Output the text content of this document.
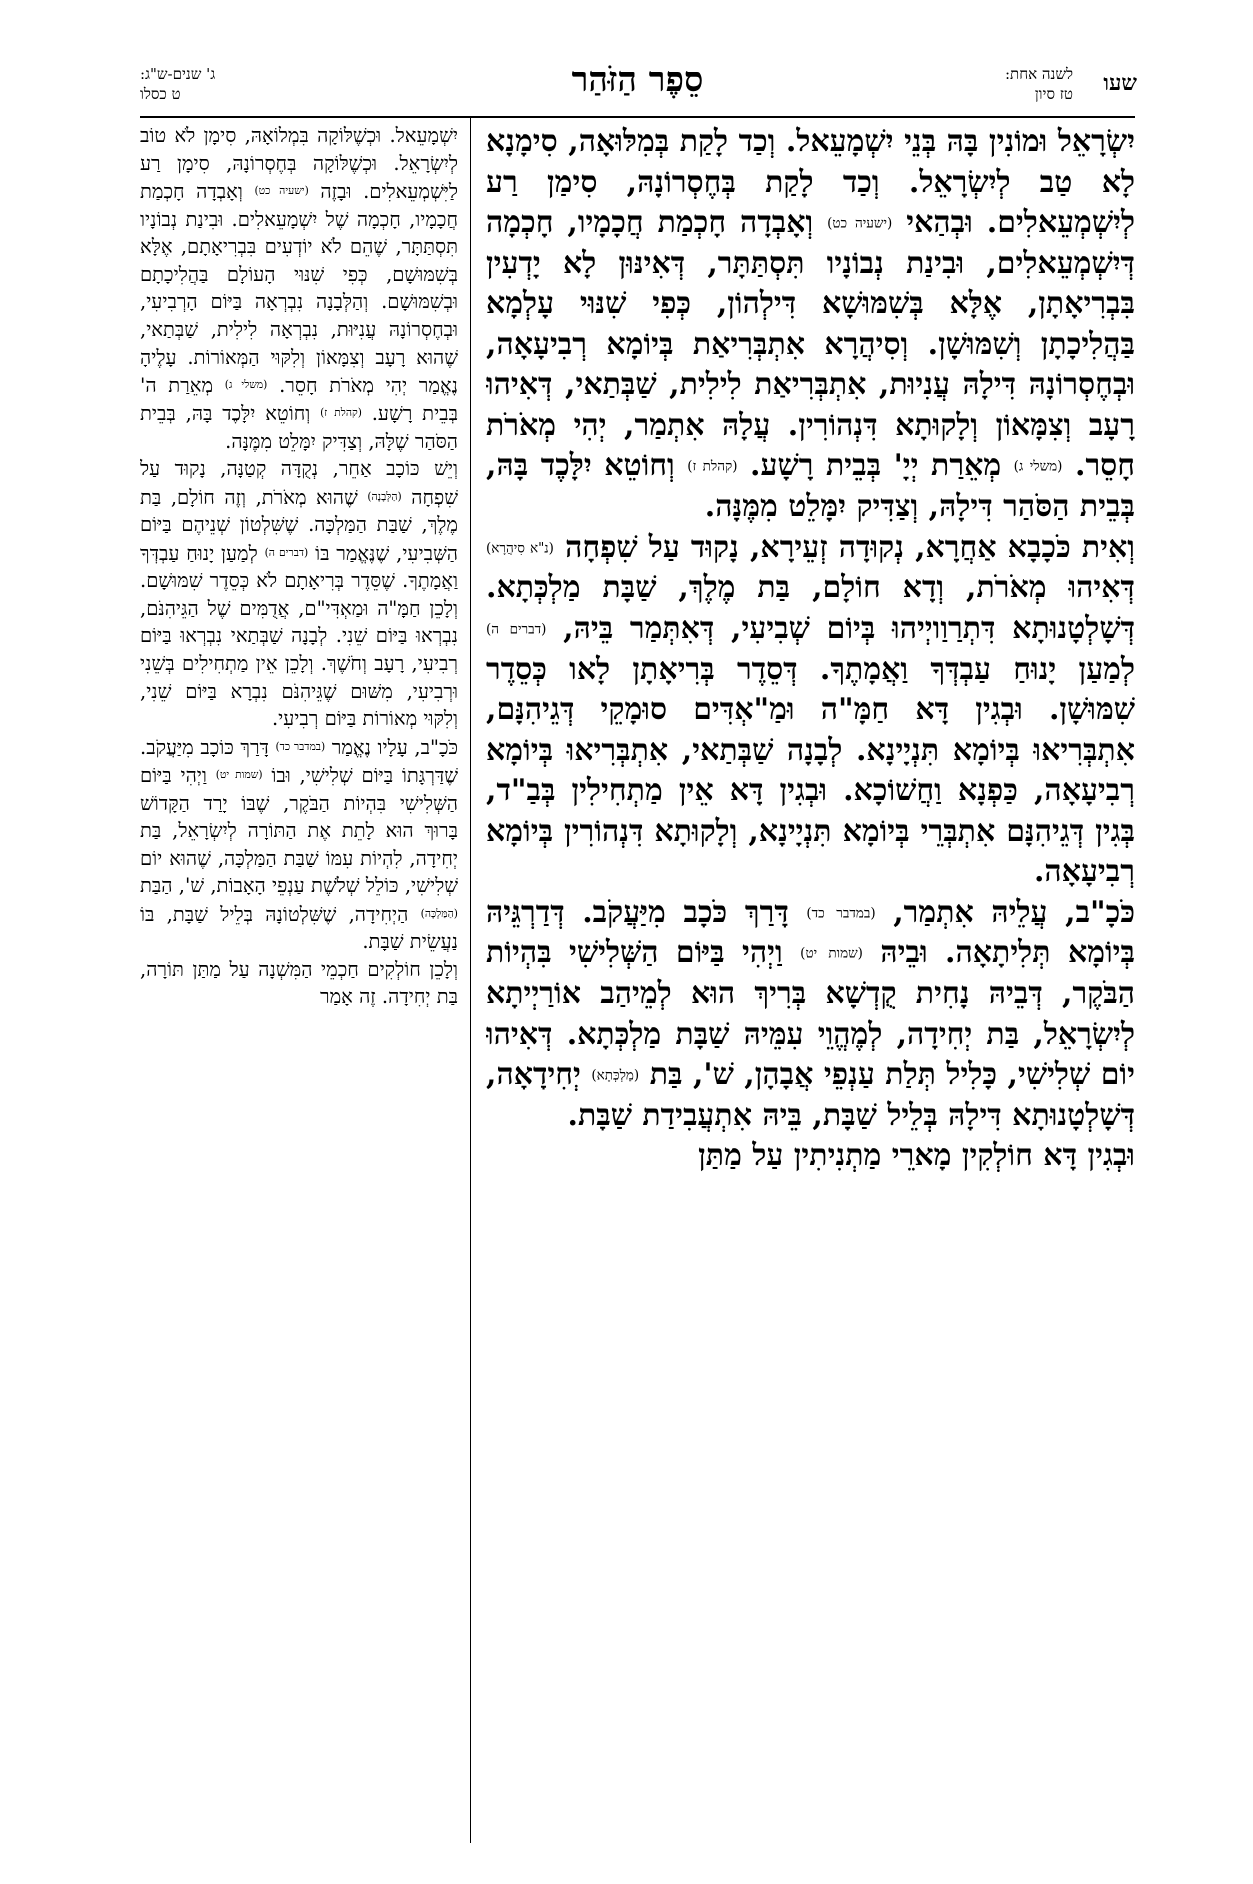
שעו
לשנה אחת:
טז סיון
סֵפֶר הַזֹּהַר
ג' שנים-ש"ג:
ט כסלו

יִשְׂרָאֵל וּמוֹנִין בָּהּ בְּנֵי יִשְׁמָעֵאל. וְכַד לָקַת בְּמִלּוּאָה, סִימָנָא לָא טַב לְיִשְׂרָאֵל. וְכַד לָקַת בְּחֶסְרוֹנָהּ, סִימַן רַע לְיִשְׁמְעֵאלִים. וּבְהַאי (ישעיה כט) וְאָבְדָה חָכְמַת חֲכָמָיו, חָכְמָה דְּיִשְׁמְעֵאלִים, וּבִינַת נְבוֹנָיו תִּסְתַּתָּר, דְּאִינּוּן לָא יָדְעִין בִּבְרִיאָתָן, אֶלָּא בְּשִׁמּוּשָׁא דִּילְהוֹן, כְּפִי שִׁנּוּי עָלְמָא בַּהֲלִיכָתָן וְשִׁמּוּשָׁן. וְסִיהֲרָא אִתְבְּרִיאַת בְּיוֹמָא רְבִיעָאָה, וּבְחֶסְרוֹנָהּ דִּילָהּ עֲנִיוּת, אִתְבְּרִיאַת לִילִית, שַׁבְּתַאי, דְּאִיהוּ רָעָב וְצִמָּאוֹן וְלָקוּתָא דִּנְהוֹרִין. עֲלָהּ אִתְמַר, יְהִי מְאֹרֹת חָסֵר. (משלי ג) מְאֵרַת יְיָ' בְּבֵית רָשָׁע. (קהלת ז) וְחוֹטֵא יִלָּכֶד בָּהּ, בְּבֵית הַסֹּהַר דִּילָהּ, וְצַדִּיק יִמָּלֵט מִמֶּנָּה.

וְאִית כֹּכָבָא אַחֲרָא, נְקוּדָה זְעֵירָא, נָקוּד עַל שִׁפְחָה (נ"א סִיהֲרָא) דְּאִיהוּ מְאֹרֹת, וְדָא חוֹלָם, בַּת מֶלֶךְ, שַׁבָּת מַלְכְּתָא. דְּשָׁלְטָנוּתָא דִּתְרַוַויְיהוּ בְּיוֹם שְׁבִיעִי, דְּאִתְּמַר בֵּיהּ, (דברים ה) לְמַעַן יָנוּחַ עַבְדְּךָ וַאֲמָתֶךָ. דְּסֵדֶר בְּרִיאָתָן לָאו כְּסֵדֶר שִׁמּוּשָׁן. וּבְגִין דָּא חַמָּ"ה וּמַ"אְדִּים סוּמָקֵי דְּגֵיהִנָּם, אִתְבְּרִיאוּ בְּיוֹמָא תִּנְיָינָא. לְבָנָה שַׁבְּתַאי, אִתְבְּרִיאוּ בְּיוֹמָא רְבִיעָאָה, כַּפְנָא וַחֲשׁוֹכָא. וּבְגִין דָּא אֵין מַתְחִילִין בְּבַ"ד, בְּגִין דְּגֵיהִנָּם אִתְבְּרֵי בְּיוֹמָא תִּנְיָינָא, וְלָקוּתָא דִּנְהוֹרִין בְּיוֹמָא רְבִיעָאָה.

כֹּכָ"ב, עֲלֵיהּ אִתְמַר, (במדבר כד) דָּרַךְ כֹּכָב מִיַּעֲקֹב. דְּדַרְגֵּיהּ בְּיוֹמָא תְּלִיתָאָה. וּבֵיהּ (שמות יט) וַיְהִי בַּיּוֹם הַשְּׁלִישִׁי בִּהְיוֹת הַבֹּקֶר, דְּבֵיהּ נָחִית קֻדְשָׁא בְּרִיךְ הוּא לְמֵיהַב אוֹרַיְיתָא לְיִשְׂרָאֵל, בַּת יְחִידָה, לְמֶהֱוֵי עִמֵּיהּ שַׁבָּת מַלְכְּתָא. דְּאִיהוּ יוֹם שְׁלִישִׁי, כָּלִיל תְּלַת עַנְפֵי אֲבָהָן, שׁ', בַּת (מַלְכְּתָא) יְחִידָאָה, דְּשָׁלְטָנוּתָא דִּילָהּ בְּלֵיל שַׁבָּת, בֵּיהּ אִתְעֲבִידַת שַׁבָּת.

וּבְגִין דָּא חוֹלְקִין מָארֵי מַתְנִיתִין עַל מַתַּן

יִשְׁמָעֵאל. וּכְשֶׁלּוֹקָה בִּמְלוֹאָהּ, סִימָן לֹא טוֹב לְיִשְׂרָאֵל. וּכְשֶׁלּוֹקָה בְּחֶסְרוֹנָהּ, סִימָן רַע לַיִּשְׁמְעֵאלִים. וּבָזֶה (ישעיה כט) וְאָבְדָה חָכְמַת חֲכָמָיו, חָכְמָה שֶׁל יִשְׁמָעֵאלִים. וּבִינַת נְבוֹנָיו תִּסְתַּתָּר, שֶׁהֵם לֹא יוֹדְעִים בִּבְרִיאָתָם, אֶלָּא בְּשִׁמּוּשָׁם, כְּפִי שִׁנּוּי הָעוֹלָם בַּהֲלִיכָתָם וּבְשִׁמּוּשָׁם. וְהַלְּבָנָה נִבְרְאָה בַּיּוֹם הָרְבִיעִי, וּבְחֶסְרוֹנָהּ עֲנִיּוּת, נִבְרְאָה לִילִית, שַׁבְּתַאי, שֶׁהוּא רָעָב וְצִמָּאוֹן וְלִקּוּי הַמְּאוֹרוֹת. עָלֶיהָ נֶאֱמַר יְהִי מְאֹרֹת חָסֵר. (משלי ג) מְאֵרַת ה' בְּבֵית רָשָׁע. (קהלת ז) וְחוֹטֵא יִלָּכֶד בָּהּ, בְּבֵית הַסֹּהַר שֶׁלָּהּ, וְצַדִּיק יִמָּלֵט מִמֶּנָּה.

וְיֵשׁ כּוֹכָב אַחֵר, נְקֻדָּה קְטַנָּה, נָקוּד עַל שִׁפְחָה (הַלְּבָנָה) שֶׁהוּא מְאֹרֹת, וְזֶה חוֹלָם, בַּת מֶלֶךְ, שַׁבַּת הַמַּלְכָּה. שֶׁשִּׁלְטוֹן שְׁנֵיהֶם בַּיּוֹם הַשְּׁבִיעִי, שֶׁנֶּאֱמַר בּוֹ (דברים ה) לְמַעַן יָנוּחַ עַבְדְּךָ וַאֲמָתֶךָ. שֶׁסֵּדֶר בְּרִיאָתָם לֹא כְּסֵדֶר שִׁמּוּשָׁם. וְלָכֵן חַמָּ"ה וּמַאְדִּי"ם, אֲדֻמִּים שֶׁל הַגֵּיהִנֹּם, נִבְרְאוּ בַּיּוֹם שֵׁנִי. לְבָנָה שַׁבְּתַאי נִבְרְאוּ בַּיּוֹם רְבִיעִי, רָעָב וְחֹשֶׁךְ. וְלָכֵן אֵין מַתְחִילִים בְּשֵׁנִי וּרְבִיעִי, מִשּׁוּם שֶׁגֵּיהִנֹּם נִבְרָא בַּיּוֹם שֵׁנִי, וְלִקּוּי מְאוֹרוֹת בַּיּוֹם רְבִיעִי.

כֹּכָ"ב, עָלָיו נֶאֱמַר (במדבר כד) דָּרַךְ כּוֹכָב מִיַּעֲקֹב. שֶׁדַּרְגָּתוֹ בַּיּוֹם שְׁלִישִׁי, וּבוֹ (שמות יט) וַיְהִי בַּיּוֹם הַשְּׁלִישִׁי בִּהְיוֹת הַבֹּקֶר, שֶׁבּוֹ יָרַד הַקָּדוֹשׁ בָּרוּךְ הוּא לָתֵת אֶת הַתּוֹרָה לְיִשְׂרָאֵל, בַּת יְחִידָה, לִהְיוֹת עִמּוֹ שַׁבַּת הַמַּלְכָּה, שֶׁהוּא יוֹם שְׁלִישִׁי, כּוֹלֵל שְׁלֹשֶׁת עַנְפֵי הָאָבוֹת, שׁ', הַבַּת (הַמַּלְכָּה) הַיְחִידָה, שֶׁשִּׁלְטוֹנָהּ בְּלֵיל שַׁבָּת, בּוֹ נַעֲשֵׂית שַׁבָּת.

וְלָכֵן חוֹלְקִים חַכְמֵי הַמִּשְׁנָה עַל מַתַּן תּוֹרָה, בַּת יְחִידָה. זֶה אָמַר
